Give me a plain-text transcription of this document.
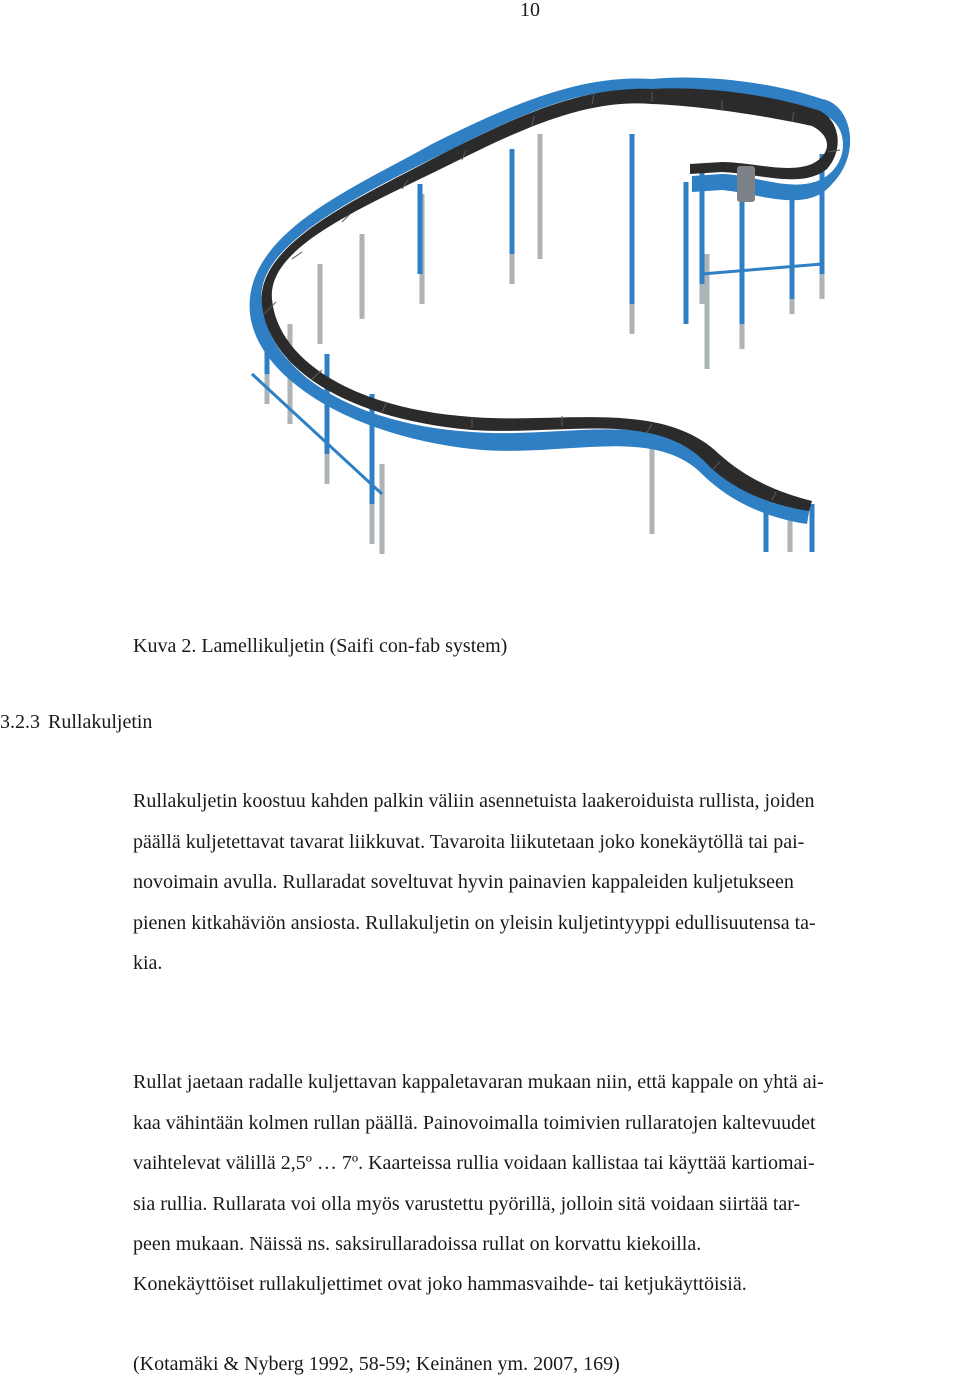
10
Kuva 2. Lamellikuljetin (Saifi con-fab system)
3.2.3 Rullakuljetin
Rullakuljetin koostuu kahden palkin väliin asennetuista laakeroiduista rullista, joiden
päällä kuljetettavat tavarat liikkuvat. Tavaroita liikutetaan joko konekäytöllä tai pai-
novoimain avulla. Rullaradat soveltuvat hyvin painavien kappaleiden kuljetukseen
pienen kitkahäviön ansiosta. Rullakuljetin on yleisin kuljetintyyppi edullisuutensa ta-
kia.
Rullat jaetaan radalle kuljettavan kappaletavaran mukaan niin, että kappale on yhtä ai-
kaa vähintään kolmen rullan päällä. Painovoimalla toimivien rullaratojen kaltevuudet
vaihtelevat välillä 2,5º … 7º. Kaarteissa rullia voidaan kallistaa tai käyttää kartiomai-
sia rullia. Rullarata voi olla myös varustettu pyörillä, jolloin sitä voidaan siirtää tar-
peen mukaan. Näissä ns. saksirullaradoissa rullat on korvattu kiekoilla.
Konekäyttöiset rullakuljettimet ovat joko hammasvaihde- tai ketjukäyttöisiä.
(Kotamäki & Nyberg 1992, 58-59; Keinänen ym. 2007, 169)
